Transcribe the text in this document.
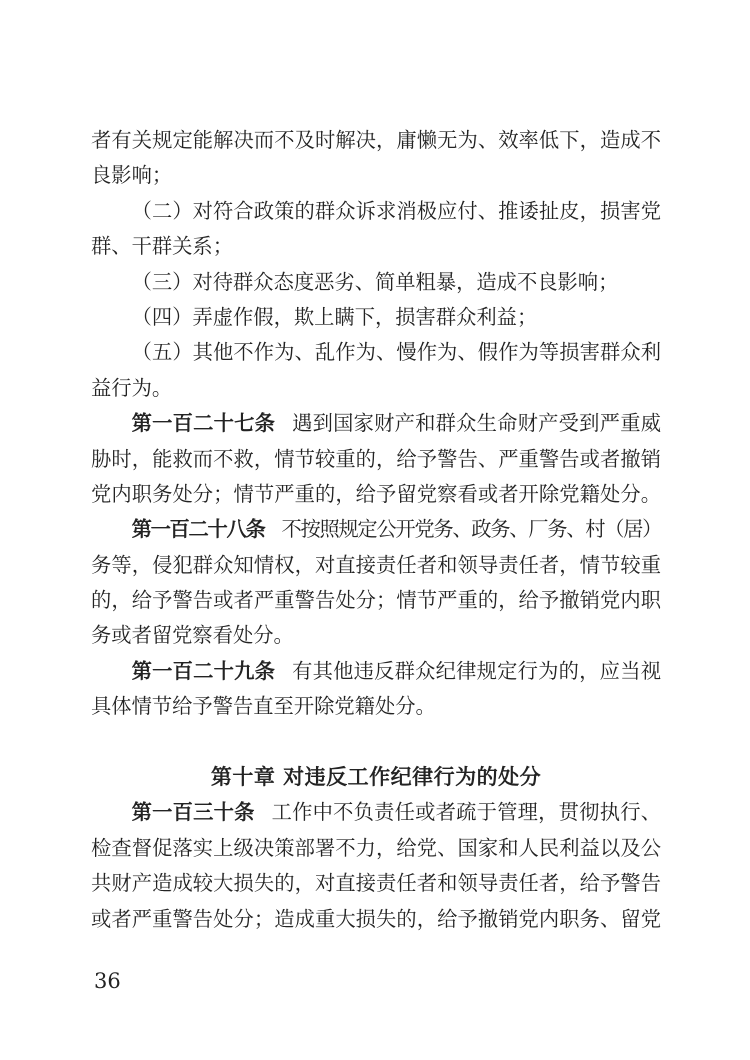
者有关规定能解决而不及时解决，庸懒无为、效率低下，造成不
良影响；
（二）对符合政策的群众诉求消极应付、推诿扯皮，损害党
群、干群关系；
（三）对待群众态度恶劣、简单粗暴，造成不良影响；
（四）弄虚作假，欺上瞒下，损害群众利益；
（五）其他不作为、乱作为、慢作为、假作为等损害群众利
益行为。
第一百二十七条 遇到国家财产和群众生命财产受到严重威
胁时，能救而不救，情节较重的，给予警告、严重警告或者撤销
党内职务处分；情节严重的，给予留党察看或者开除党籍处分。
第一百二十八条 不按照规定公开党务、政务、厂务、村（居）
务等，侵犯群众知情权，对直接责任者和领导责任者，情节较重
的，给予警告或者严重警告处分；情节严重的，给予撤销党内职
务或者留党察看处分。
第一百二十九条 有其他违反群众纪律规定行为的，应当视
具体情节给予警告直至开除党籍处分。
第十章 对违反工作纪律行为的处分
第一百三十条 工作中不负责任或者疏于管理，贯彻执行、
检查督促落实上级决策部署不力，给党、国家和人民利益以及公
共财产造成较大损失的，对直接责任者和领导责任者，给予警告
或者严重警告处分；造成重大损失的，给予撤销党内职务、留党
36
